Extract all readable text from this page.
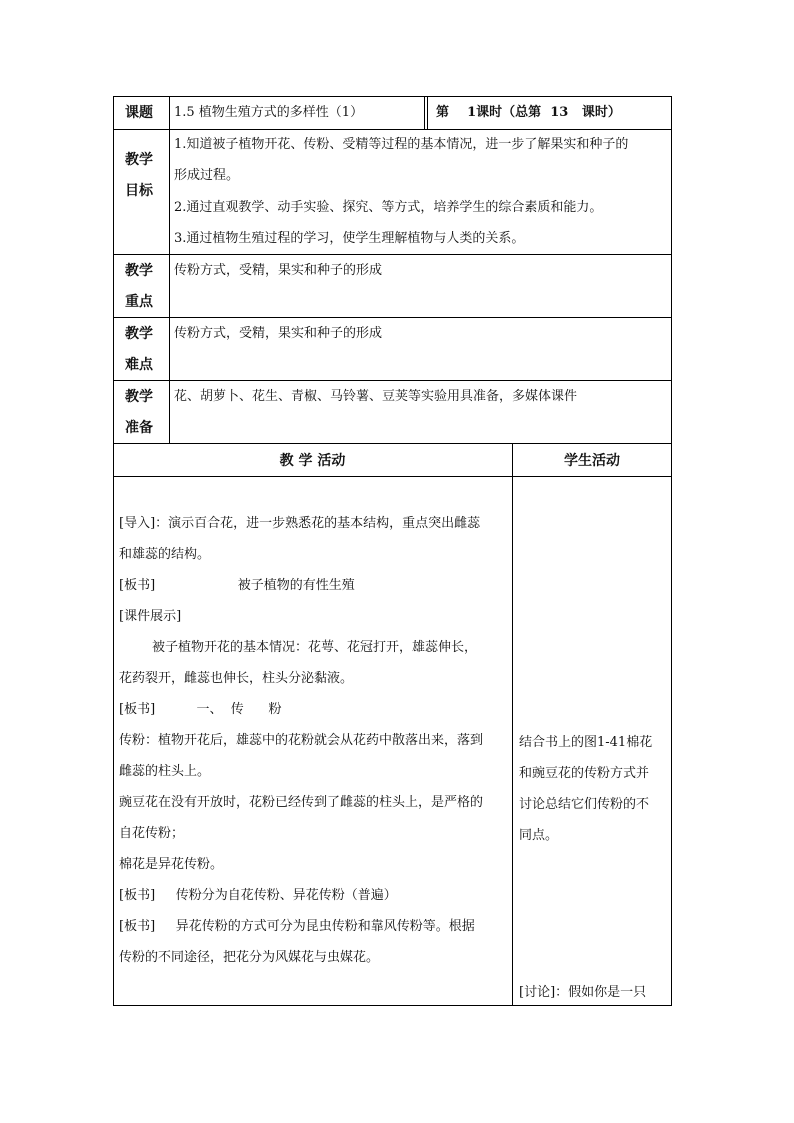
课题 1.5 植物生殖方式的多样性（1）	第    1课时（总第  13   课时）
教学
目标
1.知道被子植物开花、传粉、受精等过程的基本情况，进一步了解果实和种子的
形成过程。
2.通过直观教学、动手实验、探究、等方式，培养学生的综合素质和能力。
3.通过植物生殖过程的学习，使学生理解植物与人类的关系。
教学
重点
传粉方式，受精，果实和种子的形成
教学
难点
传粉方式，受精，果实和种子的形成
教学
准备
花、胡萝卜、花生、青椒、马铃薯、豆荚等实验用具准备，多媒体课件
教 学 活动	学生活动
[导入]：演示百合花，进一步熟悉花的基本结构，重点突出雌蕊
和雄蕊的结构。
[板书]                    被子植物的有性生殖
[课件展示]
被子植物开花的基本情况：花萼、花冠打开，雄蕊伸长，
花药裂开，雌蕊也伸长，柱头分泌黏液。
[板书]          一、  传      粉
传粉：植物开花后，雄蕊中的花粉就会从花药中散落出来，落到
雌蕊的柱头上。
豌豆花在没有开放时，花粉已经传到了雌蕊的柱头上，是严格的
自花传粉；
棉花是异花传粉。
[板书]     传粉分为自花传粉、异花传粉（普遍）
[板书]     异花传粉的方式可分为昆虫传粉和靠风传粉等。根据
传粉的不同途径，把花分为风媒花与虫媒花。
结合书上的图1-41棉花
和豌豆花的传粉方式并
讨论总结它们传粉的不
同点。
[讨论]：假如你是一只
